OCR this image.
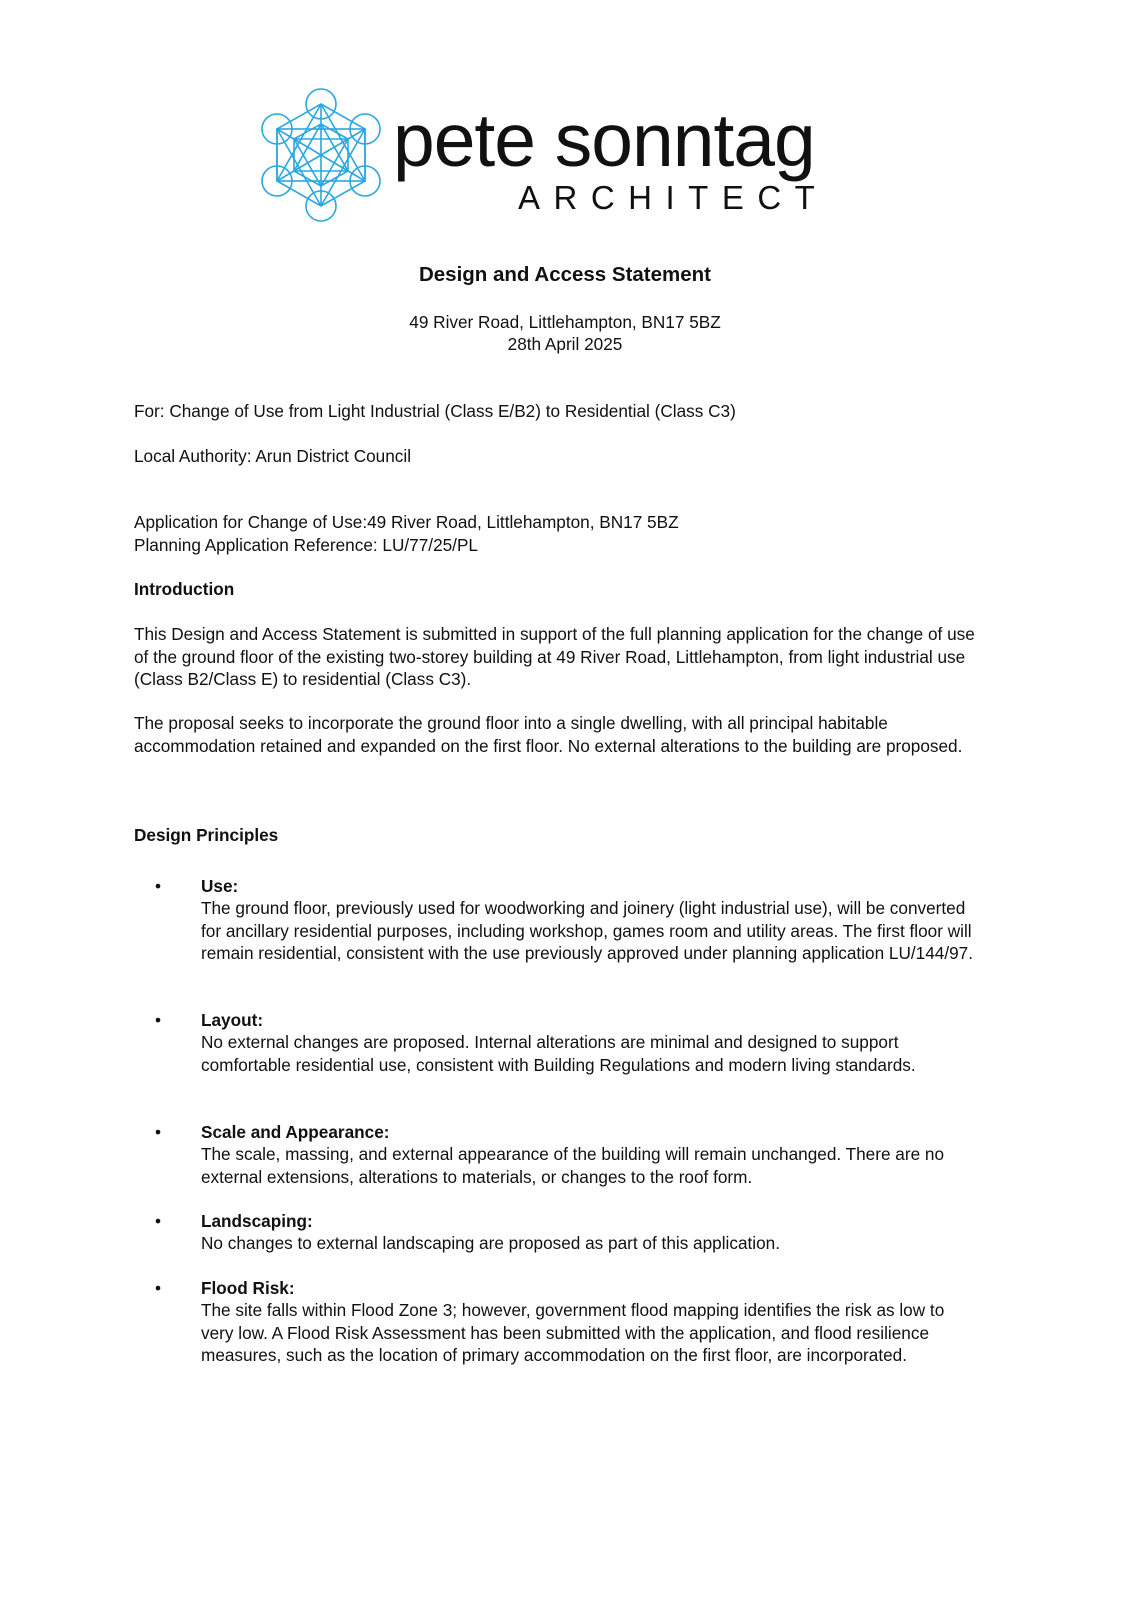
pete sonntag
ARCHITECT
Design and Access Statement
49 River Road, Littlehampton, BN17 5BZ
28th April 2025
For: Change of Use from Light Industrial (Class E/B2) to Residential (Class C3)
Local Authority: Arun District Council
Application for Change of Use:49 River Road, Littlehampton, BN17 5BZ
Planning Application Reference: LU/77/25/PL
Introduction
This Design and Access Statement is submitted in support of the full planning application for the change of use of the ground floor of the existing two-storey building at 49 River Road, Littlehampton, from light industrial use (Class B2/Class E) to residential (Class C3).
The proposal seeks to incorporate the ground floor into a single dwelling, with all principal habitable accommodation retained and expanded on the first floor. No external alterations to the building are proposed.
Design Principles
• Use:
The ground floor, previously used for woodworking and joinery (light industrial use), will be converted for ancillary residential purposes, including workshop, games room and utility areas. The first floor will remain residential, consistent with the use previously approved under planning application LU/144/97.
• Layout:
No external changes are proposed. Internal alterations are minimal and designed to support comfortable residential use, consistent with Building Regulations and modern living standards.
• Scale and Appearance:
The scale, massing, and external appearance of the building will remain unchanged. There are no external extensions, alterations to materials, or changes to the roof form.
• Landscaping:
No changes to external landscaping are proposed as part of this application.
• Flood Risk:
The site falls within Flood Zone 3; however, government flood mapping identifies the risk as low to very low. A Flood Risk Assessment has been submitted with the application, and flood resilience measures, such as the location of primary accommodation on the first floor, are incorporated.
